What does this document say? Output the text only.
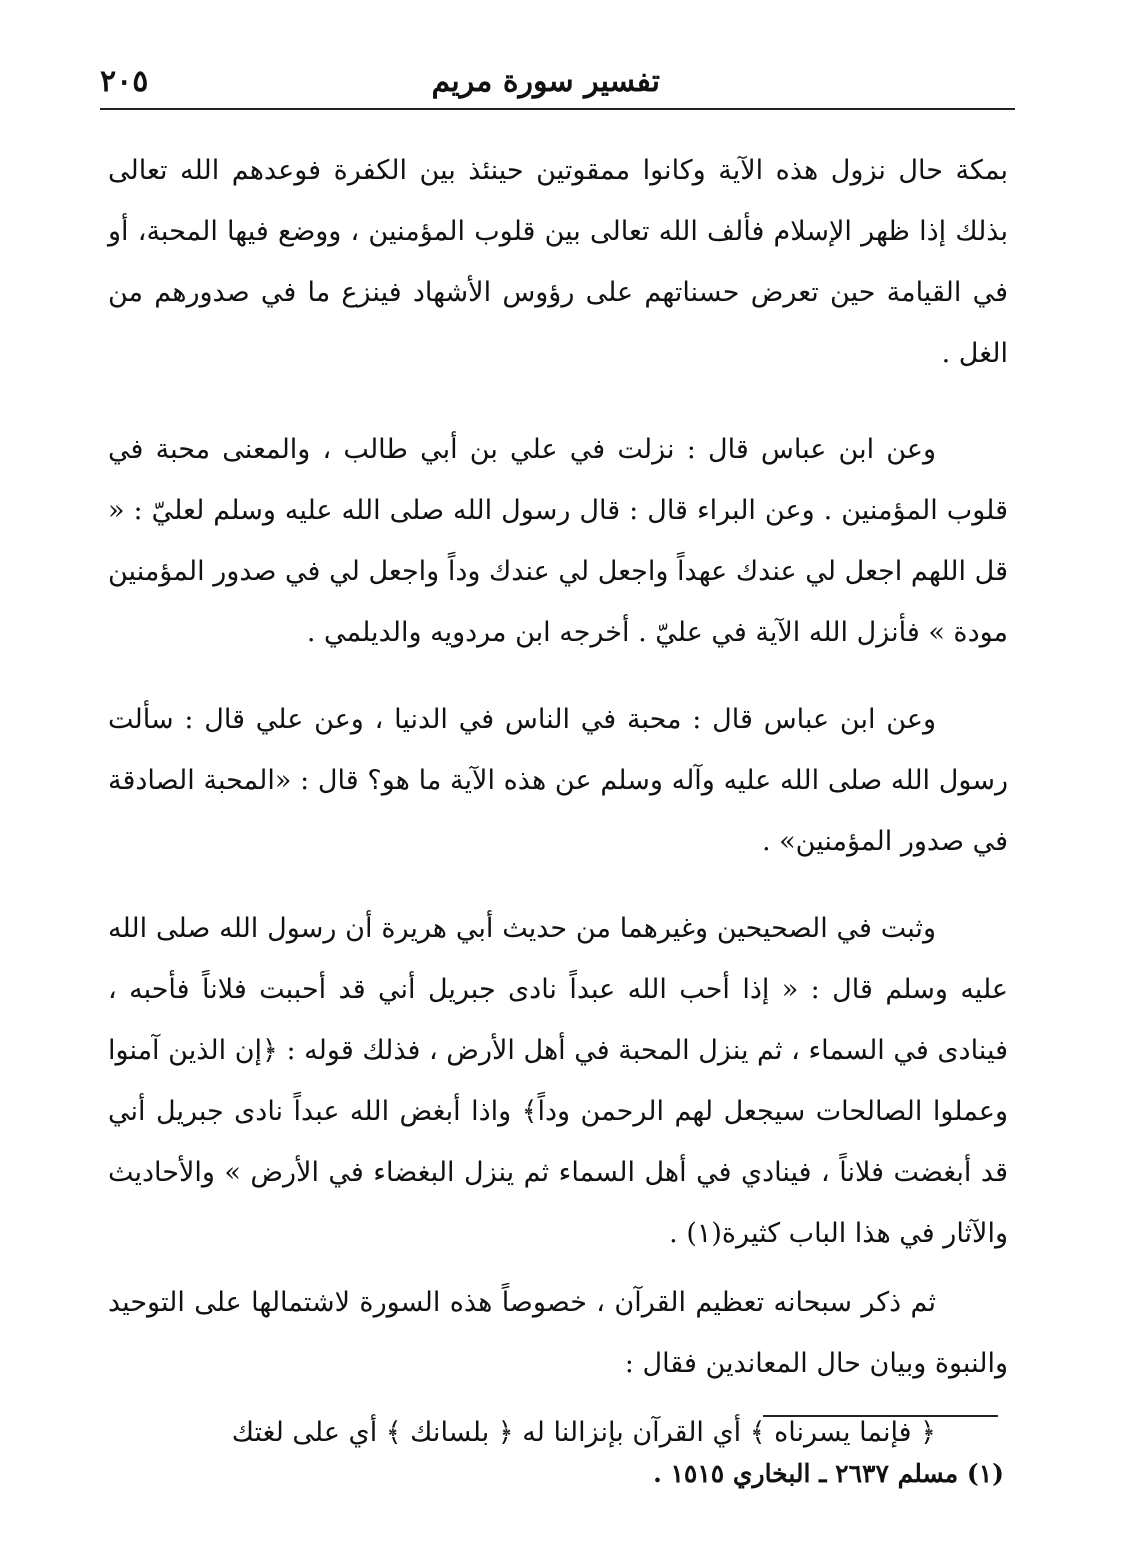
تفسير سورة مريم
٢٠٥

بمكة حال نزول هذه الآية وكانوا ممقوتين حينئذ بين الكفرة فوعدهم الله تعالى بذلك إذا ظهر الإسلام فألف الله تعالى بين قلوب المؤمنين ، ووضع فيها المحبة، أو في القيامة حين تعرض حسناتهم على رؤوس الأشهاد فينزع ما في صدورهم من الغل .

وعن ابن عباس قال : نزلت في علي بن أبي طالب ، والمعنى محبة في قلوب المؤمنين . وعن البراء قال : قال رسول الله صلى الله عليه وسلم لعليّ : « قل اللهم اجعل لي عندك عهداً واجعل لي عندك وداً واجعل لي في صدور المؤمنين مودة » فأنزل الله الآية في عليّ . أخرجه ابن مردويه والديلمي .

وعن ابن عباس قال : محبة في الناس في الدنيا ، وعن علي قال : سألت رسول الله صلى الله عليه وآله وسلم عن هذه الآية ما هو؟ قال : «المحبة الصادقة في صدور المؤمنين» .

وثبت في الصحيحين وغيرهما من حديث أبي هريرة أن رسول الله صلى الله عليه وسلم قال : « إذا أحب الله عبداً نادى جبريل أني قد أحببت فلاناً فأحبه ، فينادى في السماء ، ثم ينزل المحبة في أهل الأرض ، فذلك قوله : ﴿إن الذين آمنوا وعملوا الصالحات سيجعل لهم الرحمن وداً﴾ واذا أبغض الله عبداً نادى جبريل أني قد أبغضت فلاناً ، فينادي في أهل السماء ثم ينزل البغضاء في الأرض » والأحاديث والآثار في هذا الباب كثيرة(١) .

ثم ذكر سبحانه تعظيم القرآن ، خصوصاً هذه السورة لاشتمالها على التوحيد والنبوة وبيان حال المعاندين فقال :

﴿ فإنما يسرناه ﴾ أي القرآن بإنزالنا له ﴿ بلسانك ﴾ أي على لغتك

(١) مسلم ٢٦٣٧ ـ البخاري ١٥١٥ .
